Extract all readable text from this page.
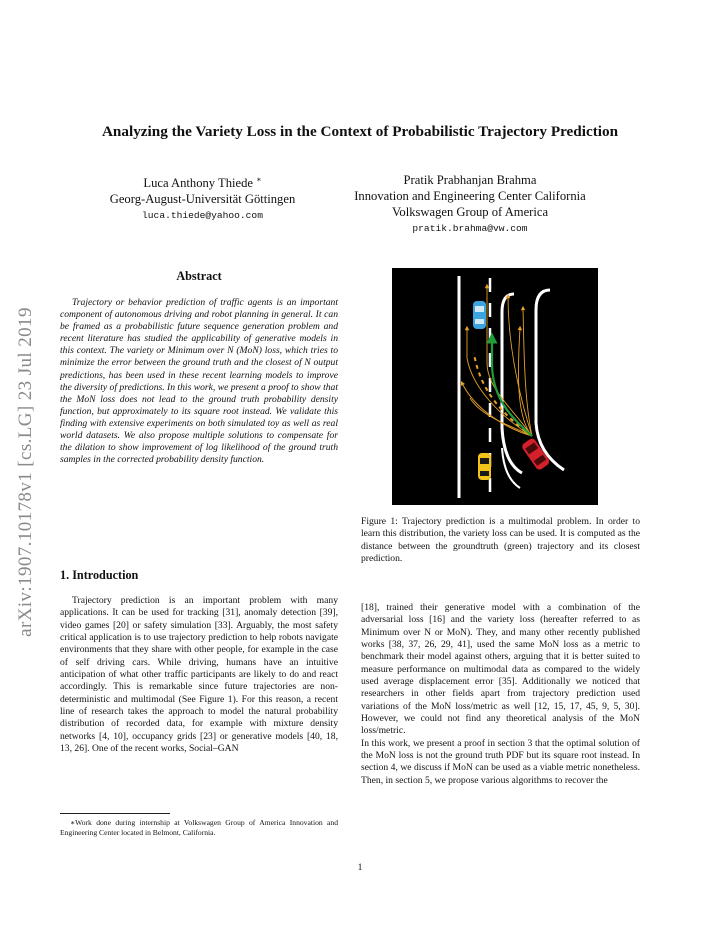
Analyzing the Variety Loss in the Context of Probabilistic Trajectory Prediction
Luca Anthony Thiede ∗
Georg-August-Universität Göttingen
luca.thiede@yahoo.com
Pratik Prabhanjan Brahma
Innovation and Engineering Center California
Volkswagen Group of America
pratik.brahma@vw.com
arXiv:1907.10178v1 [cs.LG] 23 Jul 2019
Abstract
Trajectory or behavior prediction of traffic agents is an important component of autonomous driving and robot planning in general. It can be framed as a probabilistic future sequence generation problem and recent literature has studied the applicability of generative models in this context. The variety or Minimum over N (MoN) loss, which tries to minimize the error between the ground truth and the closest of N output predictions, has been used in these recent learning models to improve the diversity of predictions. In this work, we present a proof to show that the MoN loss does not lead to the ground truth probability density function, but approximately to its square root instead. We validate this finding with extensive experiments on both simulated toy as well as real world datasets. We also propose multiple solutions to compensate for the dilation to show improvement of log likelihood of the ground truth samples in the corrected probability density function.
1. Introduction
Trajectory prediction is an important problem with many applications. It can be used for tracking [31], anomaly detection [39], video games [20] or safety simulation [33]. Arguably, the most safety critical application is to use trajectory prediction to help robots navigate environments that they share with other people, for example in the case of self driving cars. While driving, humans have an intuitive anticipation of what other traffic participants are likely to do and react accordingly. This is remarkable since future trajectories are non-deterministic and multimodal (See Figure 1). For this reason, a recent line of research takes the approach to model the natural probability distribution of recorded data, for example with mixture density networks [4, 10], occupancy grids [23] or generative models [40, 18, 13, 26]. One of the recent works, Social–GAN
∗Work done during internship at Volkswagen Group of America Innovation and Engineering Center located in Belmont, California.
Figure 1: Trajectory prediction is a multimodal problem. In order to learn this distribution, the variety loss can be used. It is computed as the distance between the groundtruth (green) trajectory and its closest prediction.
[18], trained their generative model with a combination of the adversarial loss [16] and the variety loss (hereafter referred to as Minimum over N or MoN). They, and many other recently published works [38, 37, 26, 29, 41], used the same MoN loss as a metric to benchmark their model against others, arguing that it is better suited to measure performance on multimodal data as compared to the widely used average displacement error [35]. Additionally we noticed that researchers in other fields apart from trajectory prediction used variations of the MoN loss/metric as well [12, 15, 17, 45, 9, 5, 30]. However, we could not find any theoretical analysis of the MoN loss/metric.
In this work, we present a proof in section 3 that the optimal solution of the MoN loss is not the ground truth PDF but its square root instead. In section 4, we discuss if MoN can be used as a viable metric nonetheless. Then, in section 5, we propose various algorithms to recover the
1
